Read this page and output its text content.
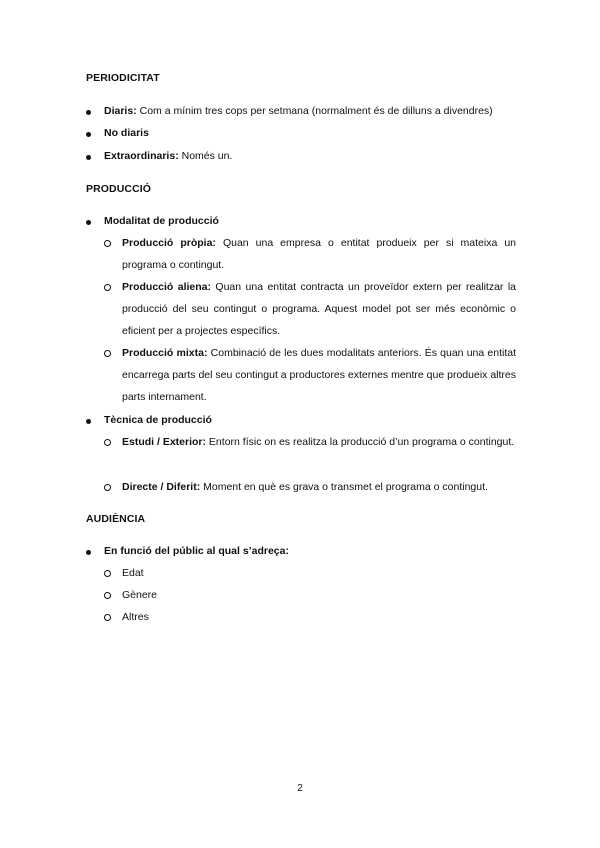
PERIODICITAT
Diaris: Com a mínim tres cops per setmana (normalment és de dilluns a divendres)
No diaris
Extraordinaris: Només un.
PRODUCCIÓ
Modalitat de producció
Producció pròpia: Quan una empresa o entitat produeix per si mateixa un programa o contingut.
Producció aliena: Quan una entitat contracta un proveïdor extern per realitzar la producció del seu contingut o programa. Aquest model pot ser més econòmic o eficient per a projectes específics.
Producció mixta: Combinació de les dues modalitats anteriors. És quan una entitat encarrega parts del seu contingut a productores externes mentre que produeix altres parts internament.
Tècnica de producció
Estudi / Exterior: Entorn físic on es realitza la producció d’un programa o contingut.
Directe / Diferit: Moment en què es grava o transmet el programa o contingut.
AUDIÈNCIA
En funció del públic al qual s’adreça:
Edat
Gènere
Altres
2
